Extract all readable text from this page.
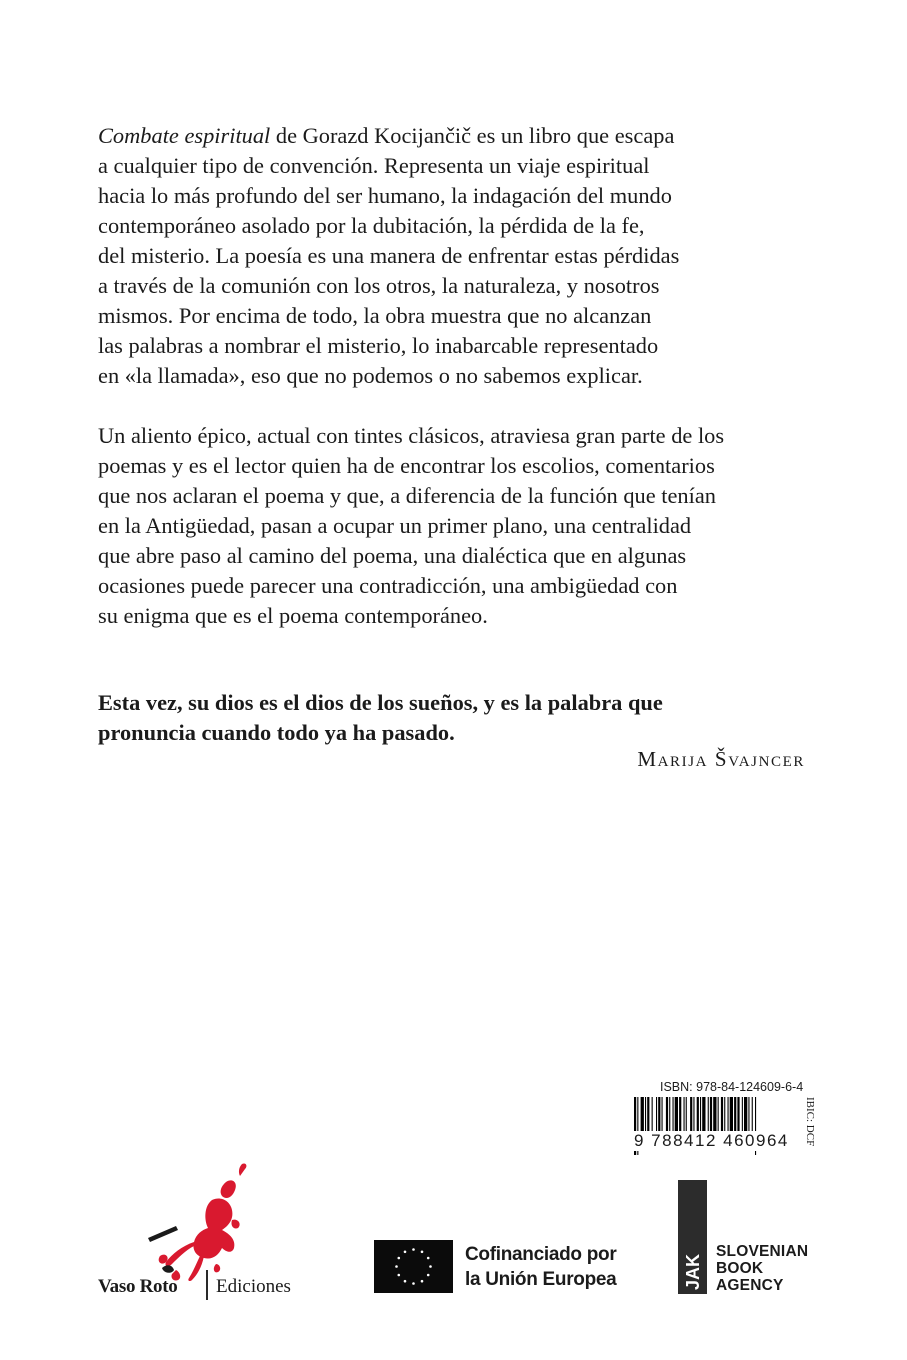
Combate espiritual de Gorazd Kocijančič es un libro que escapa
a cualquier tipo de convención. Representa un viaje espiritual
hacia lo más profundo del ser humano, la indagación del mundo
contemporáneo asolado por la dubitación, la pérdida de la fe,
del misterio. La poesía es una manera de enfrentar estas pérdidas
a través de la comunión con los otros, la naturaleza, y nosotros
mismos. Por encima de todo, la obra muestra que no alcanzan
las palabras a nombrar el misterio, lo inabarcable representado
en «la llamada», eso que no podemos o no sabemos explicar.
Un aliento épico, actual con tintes clásicos, atraviesa gran parte de los
poemas y es el lector quien ha de encontrar los escolios, comentarios
que nos aclaran el poema y que, a diferencia de la función que tenían
en la Antigüedad, pasan a ocupar un primer plano, una centralidad
que abre paso al camino del poema, una dialéctica que en algunas
ocasiones puede parecer una contradicción, una ambigüedad con
su enigma que es el poema contemporáneo.
Esta vez, su dios es el dios de los sueños, y es la palabra que
pronuncia cuando todo ya ha pasado.
Marija Švajncer
ISBN: 978-84-124609-6-4
9 788412 460964	IBIC: DCF
Vaso Roto Ediciones
Cofinanciado por
la Unión Europea	JAK
SLOVENIAN
BOOK
AGENCY
